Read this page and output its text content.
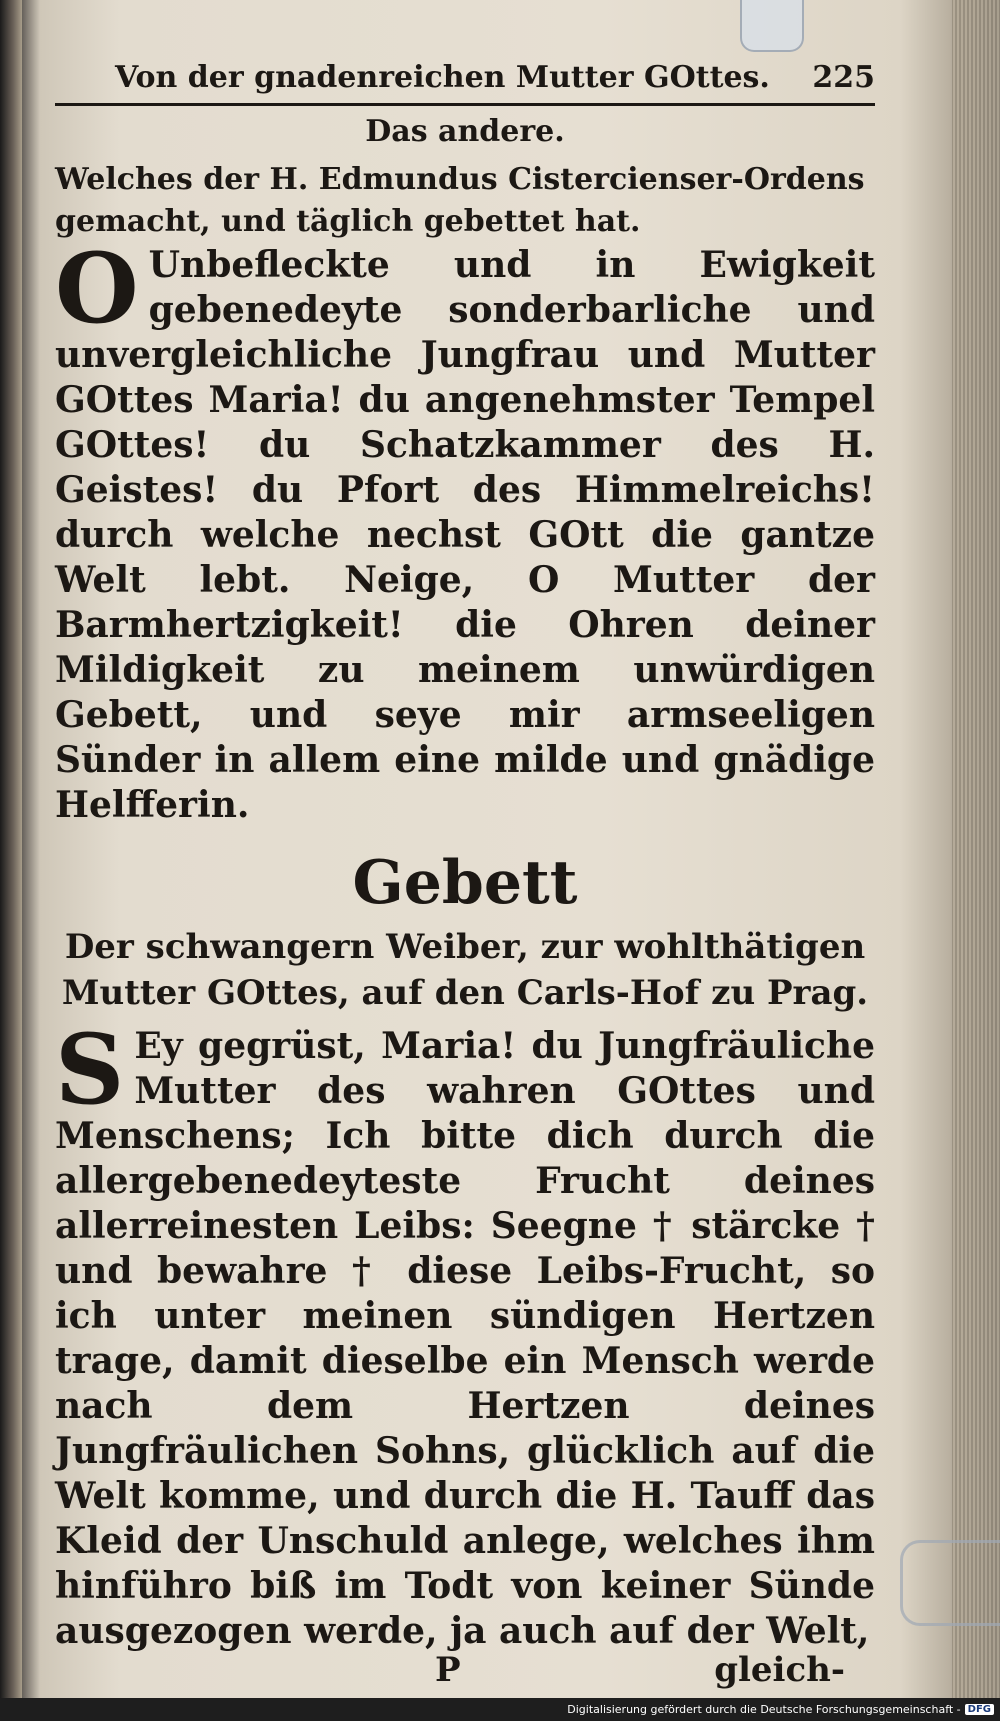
Von der gnadenreichen Mutter GOttes. 225
Das andere.

Welches der H. Edmundus Cistercienser-Ordens gemacht, und täglich gebettet hat.

O Unbefleckte und in Ewigkeit gebenedeyte sonderbarliche und unvergleichliche Jungfrau und Mutter GOttes Maria! du angenehmster Tempel GOttes! du Schatzkammer des H. Geistes! du Pfort des Himmelreichs! durch welche nechst GOtt die gantze Welt lebt. Neige, O Mutter der Barmhertzigkeit! die Ohren deiner Mildigkeit zu meinem unwürdigen Gebett, und seye mir armseeligen Sünder in allem eine milde und gnädige Helfferin.
Gebett
Der schwangern Weiber, zur wohlthätigen Mutter GOttes, auf den Carls-Hof zu Prag.
S Ey gegrüst, Maria! du Jungfräuliche Mutter des wahren GOttes und Menschens; Ich bitte dich durch die allergebenedeyteste Frucht deines allerreinesten Leibs: Seegne † stärcke † und bewahre † diese Leibs-Frucht, so ich unter meinen sündigen Hertzen trage, damit dieselbe ein Mensch werde nach dem Hertzen deines Jungfräulichen Sohns, glücklich auf die Welt komme, und durch die H. Tauff das Kleid der Unschuld anlege, welches ihm hinführo biß im Todt von keiner Sünde ausgezogen werde, ja auch auf der Welt,
P	gleich-
Digitalisierung gefördert durch die Deutsche Forschungsgemeinschaft - DFG
